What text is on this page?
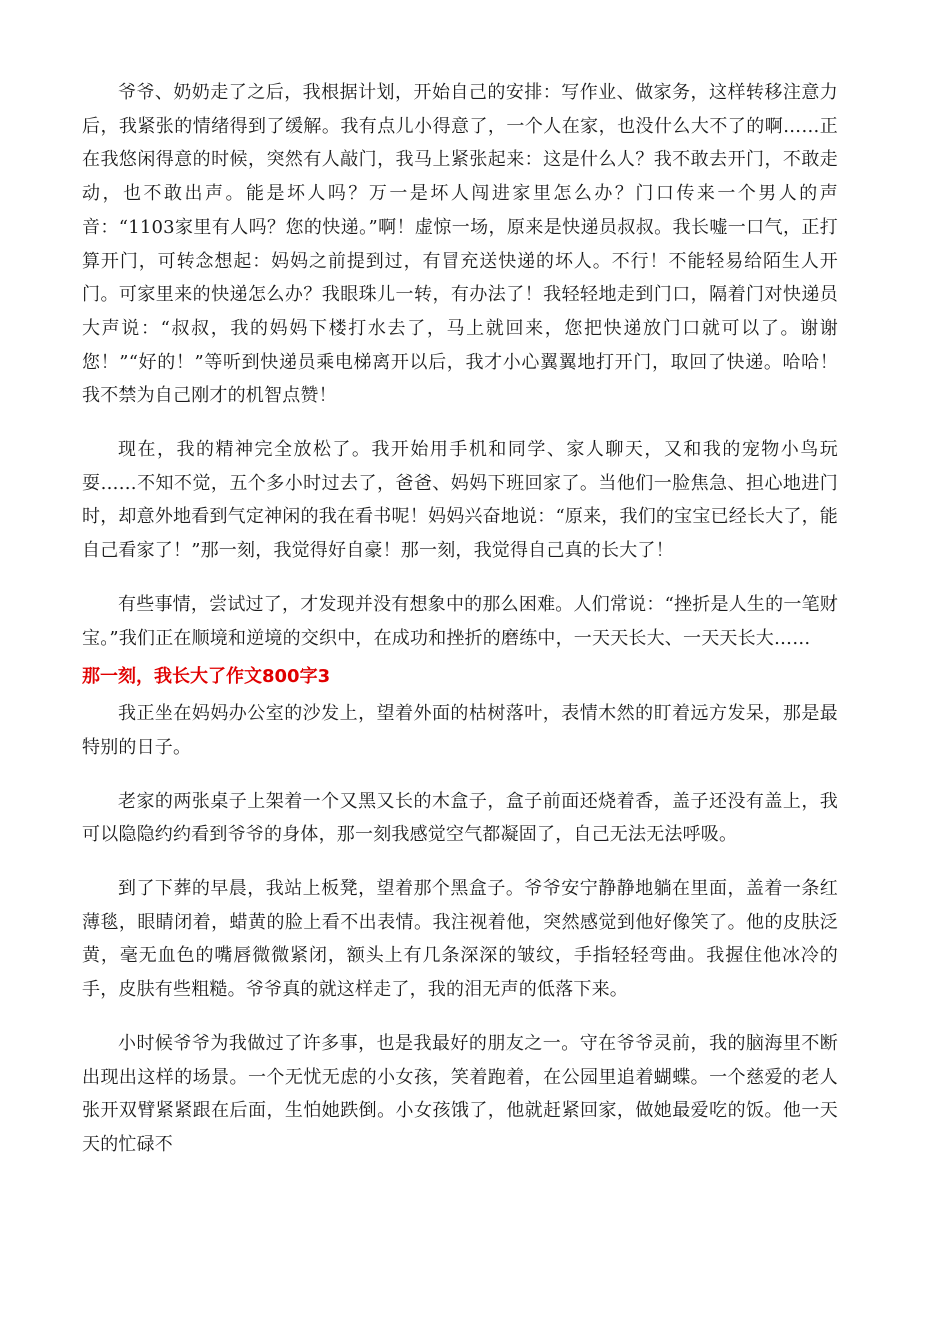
爷爷、奶奶走了之后，我根据计划，开始自己的安排：写作业、做家务，这样转移注意力后，我紧张的情绪得到了缓解。我有点儿小得意了，一个人在家，也没什么大不了的啊……正在我悠闲得意的时候，突然有人敲门，我马上紧张起来：这是什么人？我不敢去开门，不敢走动，也不敢出声。能是坏人吗？万一是坏人闯进家里怎么办？门口传来一个男人的声音：“1103家里有人吗？您的快递。”啊！虚惊一场，原来是快递员叔叔。我长嘘一口气，正打算开门，可转念想起：妈妈之前提到过，有冒充送快递的坏人。不行！不能轻易给陌生人开门。可家里来的快递怎么办？我眼珠儿一转，有办法了！我轻轻地走到门口，隔着门对快递员大声说：“叔叔，我的妈妈下楼打水去了，马上就回来，您把快递放门口就可以了。谢谢您！”“好的！”等听到快递员乘电梯离开以后，我才小心翼翼地打开门，取回了快递。哈哈！我不禁为自己刚才的机智点赞！

现在，我的精神完全放松了。我开始用手机和同学、家人聊天，又和我的宠物小鸟玩耍……不知不觉，五个多小时过去了，爸爸、妈妈下班回家了。当他们一脸焦急、担心地进门时，却意外地看到气定神闲的我在看书呢！妈妈兴奋地说：“原来，我们的宝宝已经长大了，能自己看家了！”那一刻，我觉得好自豪！那一刻，我觉得自己真的长大了！

有些事情，尝试过了，才发现并没有想象中的那么困难。人们常说：“挫折是人生的一笔财宝。”我们正在顺境和逆境的交织中，在成功和挫折的磨练中，一天天长大、一天天长大……

那一刻，我长大了作文800字3

我正坐在妈妈办公室的沙发上，望着外面的枯树落叶，表情木然的盯着远方发呆，那是最特别的日子。

老家的两张桌子上架着一个又黑又长的木盒子，盒子前面还烧着香，盖子还没有盖上，我可以隐隐约约看到爷爷的身体，那一刻我感觉空气都凝固了，自己无法无法呼吸。

到了下葬的早晨，我站上板凳，望着那个黑盒子。爷爷安宁静静地躺在里面，盖着一条红薄毯，眼睛闭着，蜡黄的脸上看不出表情。我注视着他，突然感觉到他好像笑了。他的皮肤泛黄，毫无血色的嘴唇微微紧闭，额头上有几条深深的皱纹，手指轻轻弯曲。我握住他冰冷的手，皮肤有些粗糙。爷爷真的就这样走了，我的泪无声的低落下来。

小时候爷爷为我做过了许多事，也是我最好的朋友之一。守在爷爷灵前，我的脑海里不断出现出这样的场景。一个无忧无虑的小女孩，笑着跑着，在公园里追着蝴蝶。一个慈爱的老人张开双臂紧紧跟在后面，生怕她跌倒。小女孩饿了，他就赶紧回家，做她最爱吃的饭。他一天天的忙碌不
